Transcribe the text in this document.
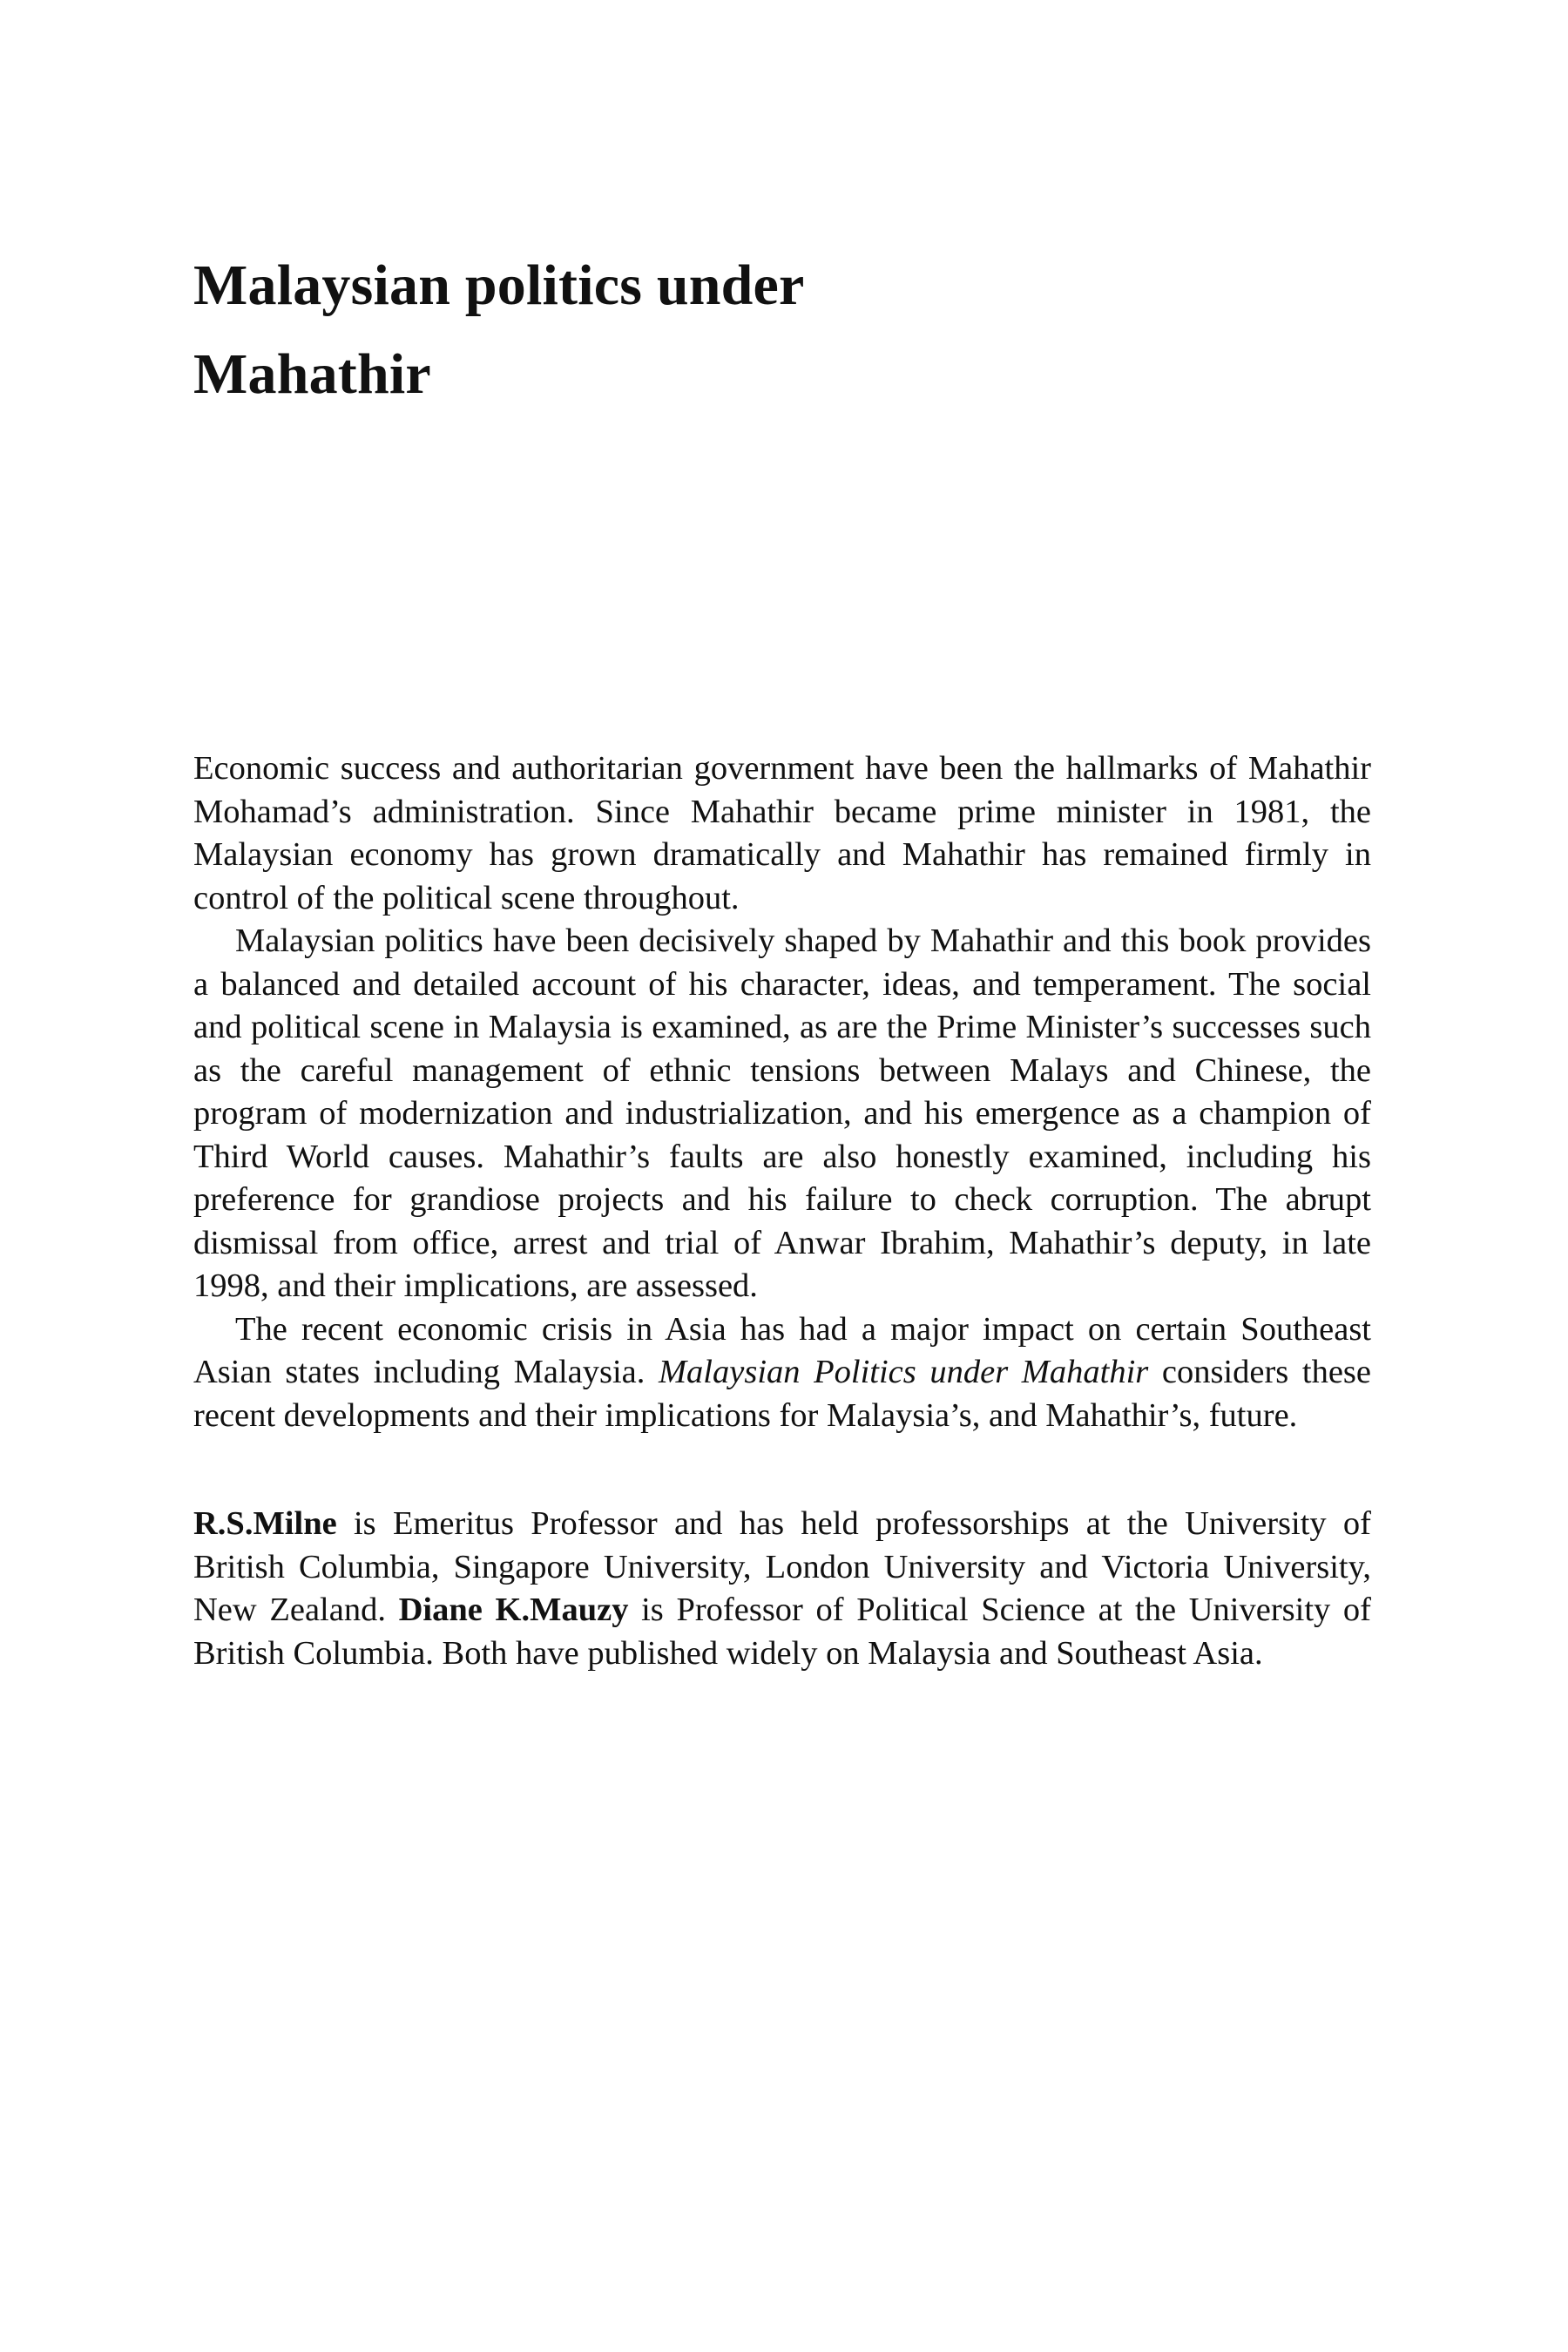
Malaysian politics under
Mahathir

Economic success and authoritarian government have been the hallmarks of Mahathir Mohamad’s administration. Since Mahathir became prime minister in 1981, the Malaysian economy has grown dramatically and Mahathir has remained firmly in control of the political scene throughout.

Malaysian politics have been decisively shaped by Mahathir and this book provides a balanced and detailed account of his character, ideas, and temperament. The social and political scene in Malaysia is examined, as are the Prime Minister’s successes such as the careful management of ethnic tensions between Malays and Chinese, the program of modernization and industrialization, and his emergence as a champion of Third World causes. Mahathir’s faults are also honestly examined, including his preference for grandiose projects and his failure to check corruption. The abrupt dismissal from office, arrest and trial of Anwar Ibrahim, Mahathir’s deputy, in late 1998, and their implications, are assessed.

The recent economic crisis in Asia has had a major impact on certain Southeast Asian states including Malaysia. Malaysian Politics under Mahathir considers these recent developments and their implications for Malaysia’s, and Mahathir’s, future.

R.S.Milne is Emeritus Professor and has held professorships at the University of British Columbia, Singapore University, London University and Victoria University, New Zealand. Diane K.Mauzy is Professor of Political Science at the University of British Columbia. Both have published widely on Malaysia and Southeast Asia.
